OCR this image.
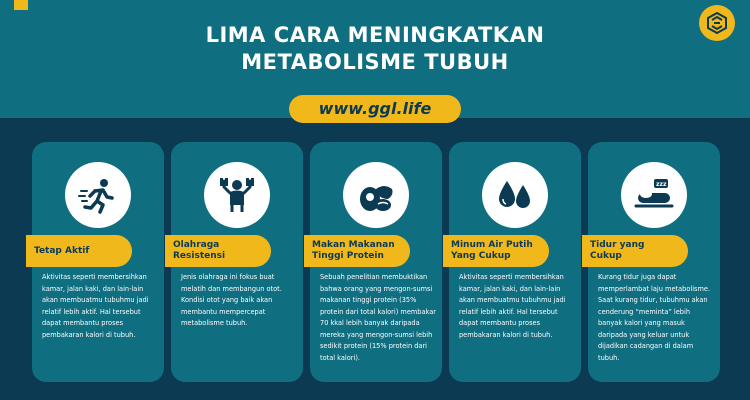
LIMA CARA MENINGKATKAN
METABOLISME TUBUH
www.ggl.life
Tetap Aktif
Aktivitas seperti membersihkan kamar, jalan kaki, dan lain-lain akan membuatmu tubuhmu jadi relatif lebih aktif. Hal tersebut dapat membantu proses pembakaran kalori di tubuh.
Olahraga
Resistensi
Jenis olahraga ini fokus buat melatih dan membangun otot. Kondisi otot yang baik akan membantu mempercepat metabolisme tubuh.
Makan Makanan
Tinggi Protein
Sebuah penelitian membuktikan bahwa orang yang mengon-sumsi makanan tinggi protein (35% protein dari total kalori) membakar 70 kkal lebih banyak daripada mereka yang mengon-sumsi lebih sedikit protein (15% protein dari total kalori).
Minum Air Putih
Yang Cukup
Aktivitas seperti membersihkan kamar, jalan kaki, dan lain-lain akan membuatmu tubuhmu jadi relatif lebih aktif. Hal tersebut dapat membantu proses pembakaran kalori di tubuh.
zzz
Tidur yang
Cukup
Kurang tidur juga dapat memperlambat laju metabolisme. Saat kurang tidur, tubuhmu akan cenderung “meminta” lebih banyak kalori yang masuk daripada yang keluar untuk dijadikan cadangan di dalam tubuh.
